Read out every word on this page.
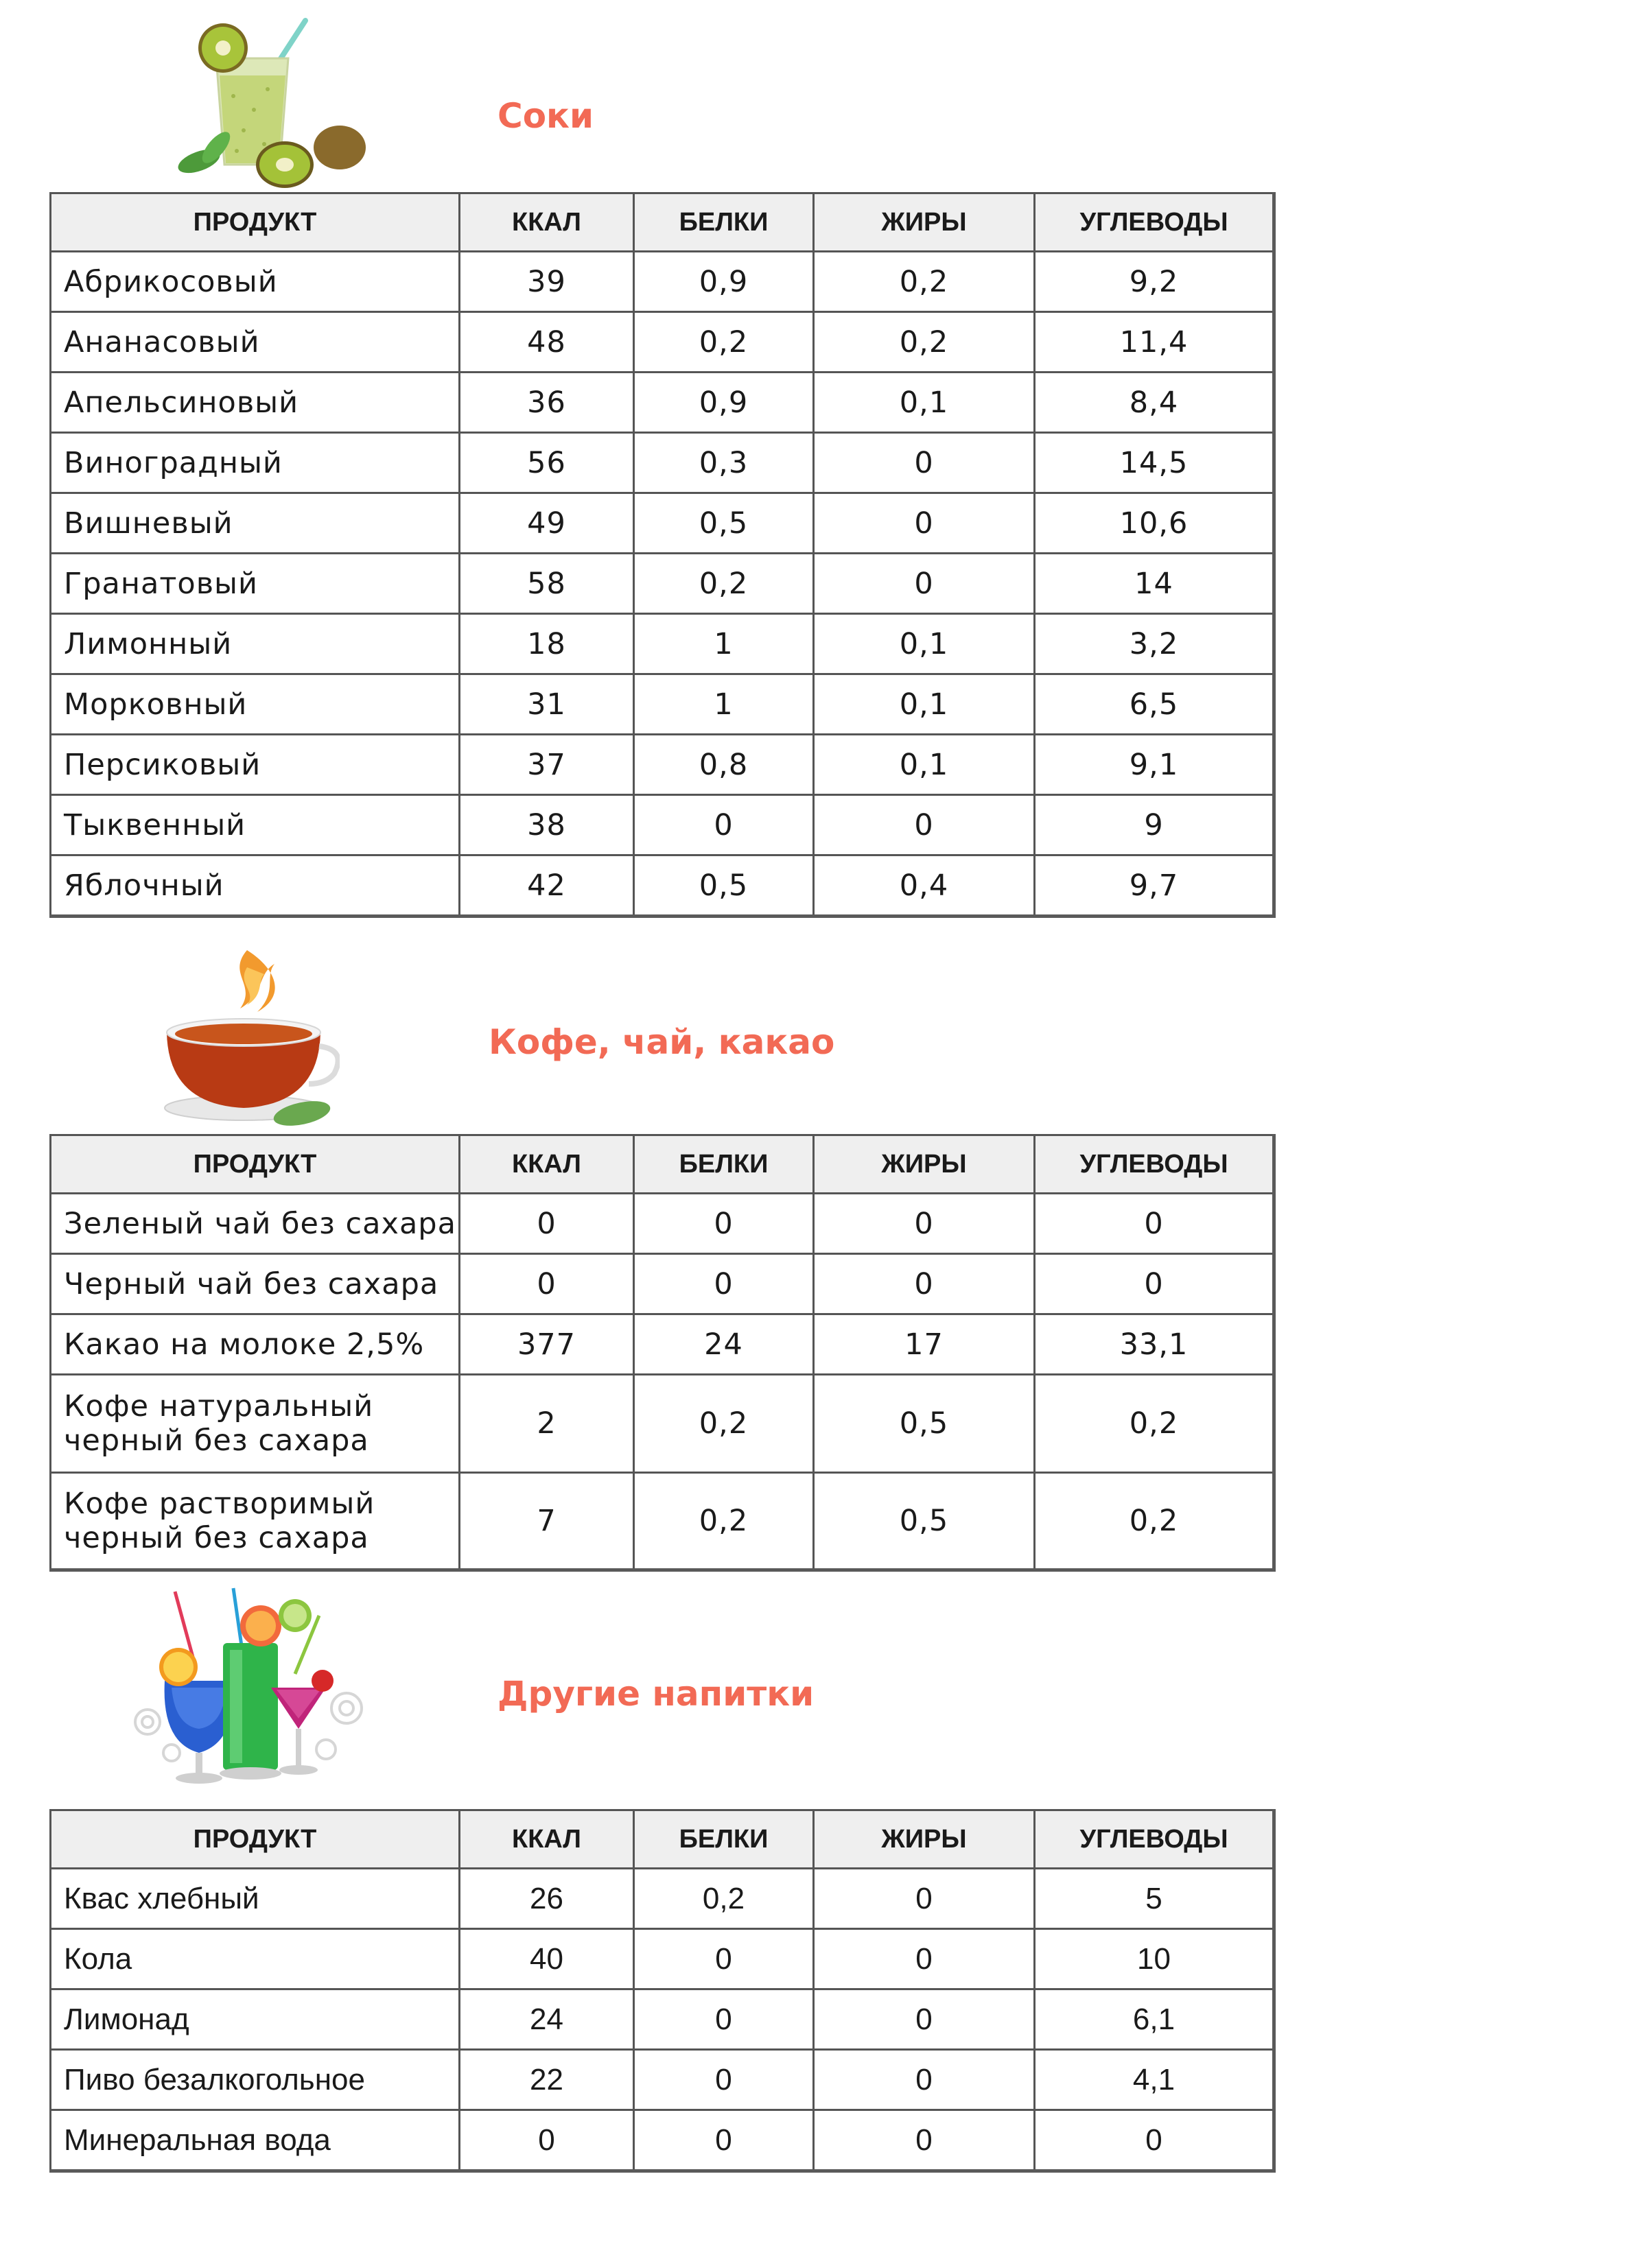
Соки
ПРОДУКТ	ККАЛ	БЕЛКИ	ЖИРЫ	УГЛЕВОДЫ
Абрикосовый	39	0,9	0,2	9,2
Ананасовый	48	0,2	0,2	11,4
Апельсиновый	36	0,9	0,1	8,4
Виноградный	56	0,3	0	14,5
Вишневый	49	0,5	0	10,6
Гранатовый	58	0,2	0	14
Лимонный	18	1	0,1	3,2
Морковный	31	1	0,1	6,5
Персиковый	37	0,8	0,1	9,1
Тыквенный	38	0	0	9
Яблочный	42	0,5	0,4	9,7
Кофе, чай, какао
ПРОДУКТ	ККАЛ	БЕЛКИ	ЖИРЫ	УГЛЕВОДЫ
Зеленый чай без сахара	0	0	0	0
Черный чай без сахара	0	0	0	0
Какао на молоке 2,5%	377	24	17	33,1
Кофе натуральный черный без сахара	2	0,2	0,5	0,2
Кофе растворимый черный без сахара	7	0,2	0,5	0,2
Другие напитки
ПРОДУКТ	ККАЛ	БЕЛКИ	ЖИРЫ	УГЛЕВОДЫ
Квас хлебный	26	0,2	0	5
Кола	40	0	0	10
Лимонад	24	0	0	6,1
Пиво безалкогольное	22	0	0	4,1
Минеральная вода	0	0	0	0
